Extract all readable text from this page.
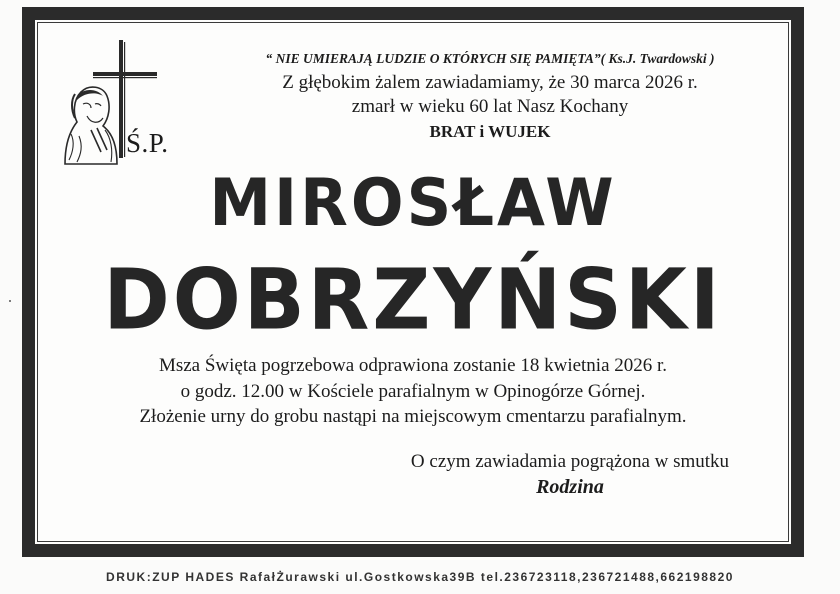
Ś.P.
“ NIE UMIERAJĄ LUDZIE O KTÓRYCH SIĘ PAMIĘTA”( Ks.J. Twardowski )
Z głębokim żalem zawiadamiamy, że 30 marca 2026 r.
zmarł w wieku 60 lat Nasz Kochany
BRAT i WUJEK
MIROSŁAW
DOBRZYŃSKI
Msza Święta pogrzebowa odprawiona zostanie 18 kwietnia 2026 r.
o godz. 12.00 w Kościele parafialnym w Opinogórze Górnej.
Złożenie urny do grobu nastąpi na miejscowym cmentarzu parafialnym.
O czym zawiadamia pogrążona w smutku
Rodzina
DRUK:ZUP HADES RafałŻurawski ul.Gostkowska39B tel.236723118,236721488,662198820
